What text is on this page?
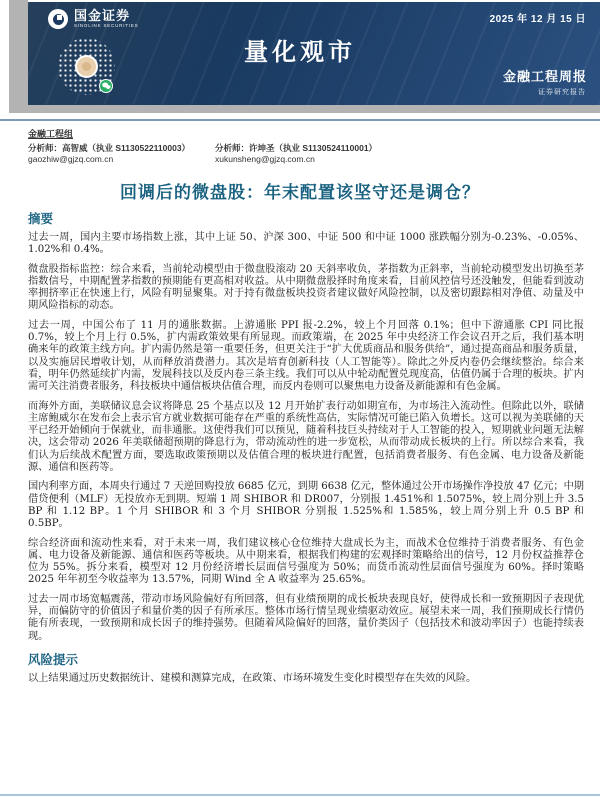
国金证券
SINOLINK SECURITIES
2025 年 12 月 15 日
量化观市
金融工程周报
证券研究报告
金融工程组
分析师：高智威（执业 S1130522110003）	分析师：许坤圣（执业 S1130524110001）
gaozhiw@gjzq.com.cn	xukunsheng@gjzq.com.cn
回调后的微盘股：年末配置该坚守还是调仓？
摘要

过去一周，国内主要市场指数上涨，其中上证 50、沪深 300、中证 500 和中证 1000 涨跌幅分别为-0.23%、-0.05%、1.02%和 0.4%。

微盘股指标监控：综合来看，当前轮动模型由于微盘股滚动 20 天斜率收负，茅指数为正斜率，当前轮动模型发出切换至茅指数信号，中期配置茅指数的预期能有更高相对收益。从中期微盘股择时角度来看，目前风控信号还没触发，但能看到波动率拥挤率正在快速上行，风险有明显聚集。对于持有微盘板块投资者建议做好风险控制，以及密切跟踪相对净值、动量及中期风险指标的动态。

过去一周，中国公布了 11 月的通胀数据。上游通胀 PPI 报-2.2%，较上个月回落 0.1%；但中下游通胀 CPI 同比报 0.7%，较上个月上行 0.5%，扩内需政策效果有所显现。而政策端，在 2025 年中央经济工作会议召开之后，我们基本明确来年的政策主线方向。扩内需仍然是第一重要任务，但更关注于“扩大优质商品和服务供给”，通过提高商品和服务质量，以及实施居民增收计划，从而释放消费潜力。其次是培育创新科技（人工智能等）。除此之外反内卷仍会继续整治。综合来看，明年仍然延续扩内需，发展科技以及反内卷三条主线。我们可以从中轮动配置兑现度高，估值仍属于合理的板块。扩内需可关注消费者服务，科技板块中通信板块估值合理，而反内卷则可以聚焦电力设备及新能源和有色金属。

而海外方面，美联储议息会议将降息 25 个基点以及 12 月开始扩表行动如期宣布，为市场注入流动性。但除此以外，联储主席鲍威尔在发布会上表示官方就业数据可能存在严重的系统性高估，实际情况可能已陷入负增长。这可以视为美联储的天平已经开始倾向于保就业，而非通胀。这使得我们可以预见，随着科技巨头持续对于人工智能的投入，短期就业问题无法解决，这会带动 2026 年美联储超预期的降息行为，带动流动性的进一步宽松，从而带动成长板块的上行。所以综合来看，我们认为后续战术配置方面，要选取政策预期以及估值合理的板块进行配置，包括消费者服务、有色金属、电力设备及新能源、通信和医药等。

国内利率方面，本周央行通过 7 天逆回购投放 6685 亿元，到期 6638 亿元，整体通过公开市场操作净投放 47 亿元；中期借贷便利（MLF）无投放亦无到期。短端 1 周 SHIBOR 和 DR007，分别报 1.451%和 1.5075%，较上周分别上升 3.5 BP 和 1.12 BP。1 个月 SHIBOR 和 3 个月 SHIBOR 分别报 1.525%和 1.585%，较上周分别上升 0.5 BP 和 0.5BP。

综合经济面和流动性来看，对于未来一周，我们建议核心仓位维持大盘成长为主，而战术仓位维持于消费者服务、有色金属、电力设备及新能源、通信和医药等板块。从中期来看，根据我们构建的宏观择时策略给出的信号，12 月份权益推荐仓位为 55%。拆分来看，模型对 12 月份经济增长层面信号强度为 50%；而货币流动性层面信号强度为 60%。择时策略 2025 年年初至今收益率为 13.57%，同期 Wind 全 A 收益率为 25.65%。

过去一周市场宽幅震荡，带动市场风险偏好有所回落，但有业绩预期的成长板块表现良好，使得成长和一致预期因子表现优异，而偏防守的价值因子和量价类的因子有所承压。整体市场行情呈现业绩驱动效应。展望未来一周，我们预期成长行情仍能有所表现，一致预期和成长因子的维持强势。但随着风险偏好的回落，量价类因子（包括技术和波动率因子）也能持续表现。

风险提示

以上结果通过历史数据统计、建模和测算完成，在政策、市场环境发生变化时模型存在失效的风险。
